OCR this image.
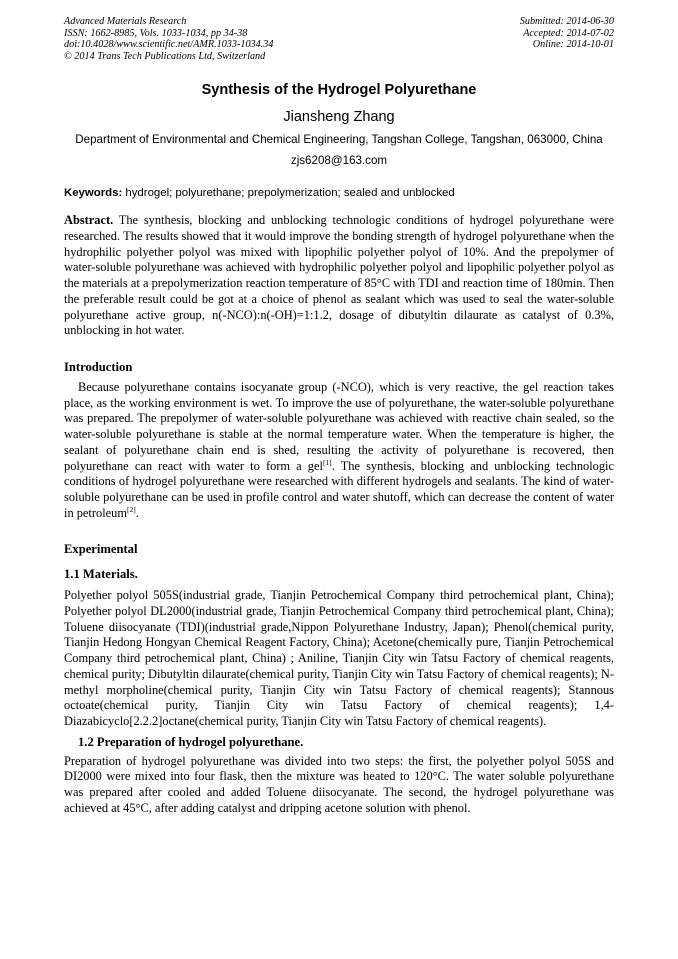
Advanced Materials Research
ISSN: 1662-8985, Vols. 1033-1034, pp 34-38
doi:10.4028/www.scientific.net/AMR.1033-1034.34
© 2014 Trans Tech Publications Ltd, Switzerland
Submitted: 2014-06-30
Accepted: 2014-07-02
Online: 2014-10-01
Synthesis of the Hydrogel Polyurethane
Jiansheng Zhang
Department of Environmental and Chemical Engineering, Tangshan College, Tangshan, 063000, China
zjs6208@163.com
Keywords: hydrogel; polyurethane; prepolymerization; sealed and unblocked
Abstract. The synthesis, blocking and unblocking technologic conditions of hydrogel polyurethane were researched. The results showed that it would improve the bonding strength of hydrogel polyurethane when the hydrophilic polyether polyol was mixed with lipophilic polyether polyol of 10%. And the prepolymer of water-soluble polyurethane was achieved with hydrophilic polyether polyol and lipophilic polyether polyol as the materials at a prepolymerization reaction temperature of 85°C with TDI and reaction time of 180min. Then the preferable result could be got at a choice of phenol as sealant which was used to seal the water-soluble polyurethane active group, n(-NCO):n(-OH)=1:1.2, dosage of dibutyltin dilaurate as catalyst of 0.3%, unblocking in hot water.
Introduction
Because polyurethane contains isocyanate group (-NCO), which is very reactive, the gel reaction takes place, as the working environment is wet. To improve the use of polyurethane, the water-soluble polyurethane was prepared. The prepolymer of water-soluble polyurethane was achieved with reactive chain sealed, so the water-soluble polyurethane is stable at the normal temperature water. When the temperature is higher, the sealant of polyurethane chain end is shed, resulting the activity of polyurethane is recovered, then polyurethane can react with water to form a gel[1]. The synthesis, blocking and unblocking technologic conditions of hydrogel polyurethane were researched with different hydrogels and sealants. The kind of water-soluble polyurethane can be used in profile control and water shutoff, which can decrease the content of water in petroleum[2].
Experimental
1.1 Materials.
Polyether polyol 505S(industrial grade, Tianjin Petrochemical Company third petrochemical plant, China); Polyether polyol DL2000(industrial grade, Tianjin Petrochemical Company third petrochemical plant, China); Toluene diisocyanate (TDI)(industrial grade,Nippon Polyurethane Industry, Japan); Phenol(chemical purity, Tianjin Hedong Hongyan Chemical Reagent Factory, China); Acetone(chemically pure, Tianjin Petrochemical Company third petrochemical plant, China) ; Aniline, Tianjin City win Tatsu Factory of chemical reagents, chemical purity; Dibutyltin dilaurate(chemical purity, Tianjin City win Tatsu Factory of chemical reagents); N- methyl morpholine(chemical purity, Tianjin City win Tatsu Factory of chemical reagents); Stannous octoate(chemical purity, Tianjin City win Tatsu Factory of chemical reagents); 1,4-Diazabicyclo[2.2.2]octane(chemical purity, Tianjin City win Tatsu Factory of chemical reagents).
1.2 Preparation of hydrogel polyurethane.
Preparation of hydrogel polyurethane was divided into two steps: the first, the polyether polyol 505S and DI2000 were mixed into four flask, then the mixture was heated to 120°C. The water soluble polyurethane was prepared after cooled and added Toluene diisocyanate. The second, the hydrogel polyurethane was achieved at 45°C, after adding catalyst and dripping acetone solution with phenol.
